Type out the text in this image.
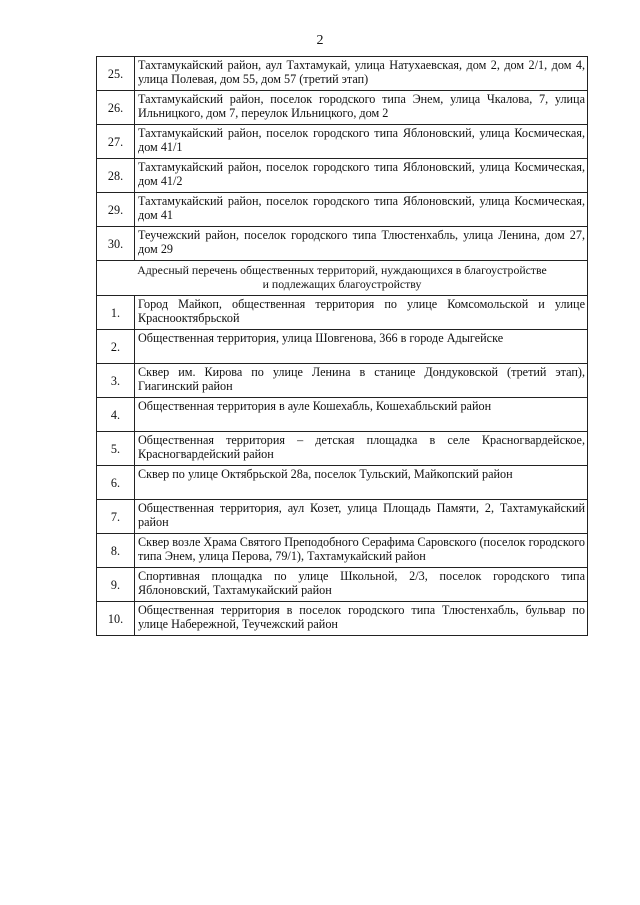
2
25.	Тахтамукайский район, аул Тахтамукай, улица Натухаевская, дом 2, дом 2/1, дом 4, улица Полевая, дом 55, дом 57 (третий этап)
26.	Тахтамукайский район, поселок городского типа Энем, улица Чкалова, 7, улица Ильницкого, дом 7, переулок Ильницкого, дом 2
27.	Тахтамукайский район, поселок городского типа Яблоновский, улица Космическая, дом 41/1
28.	Тахтамукайский район, поселок городского типа Яблоновский, улица Космическая, дом 41/2
29.	Тахтамукайский район, поселок городского типа Яблоновский, улица Космическая, дом 41
30.	Теучежский район, поселок городского типа Тлюстенхабль, улица Ленина, дом 27, дом 29

Адресный перечень общественных территорий, нуждающихся в благоустройстве
и подлежащих благоустройству	

1.	Город Майкоп, общественная территория по улице Комсомольской и улице Краснооктябрьской
2.	Общественная территория, улица Шовгенова, 366 в городе Адыгейске
3.	Сквер им. Кирова по улице Ленина в станице Дондуковской (третий этап), Гиагинский район
4.	Общественная территория в ауле Кошехабль, Кошехабльский район
5.	Общественная территория – детская площадка в селе Красногвардейское, Красногвардейский район
6.	Сквер по улице Октябрьской 28а, поселок Тульский, Майкопский район
7.	Общественная территория, аул Козет, улица Площадь Памяти, 2, Тахтамукайский район
8.	Сквер возле Храма Святого Преподобного Серафима Саровского (поселок городского типа Энем, улица Перова, 79/1), Тахтамукайский район
9.	Спортивная площадка по улице Школьной, 2/3, поселок городского типа Яблоновский, Тахтамукайский район
10.	Общественная территория в поселок городского типа Тлюстенхабль, бульвар по улице Набережной, Теучежский район
